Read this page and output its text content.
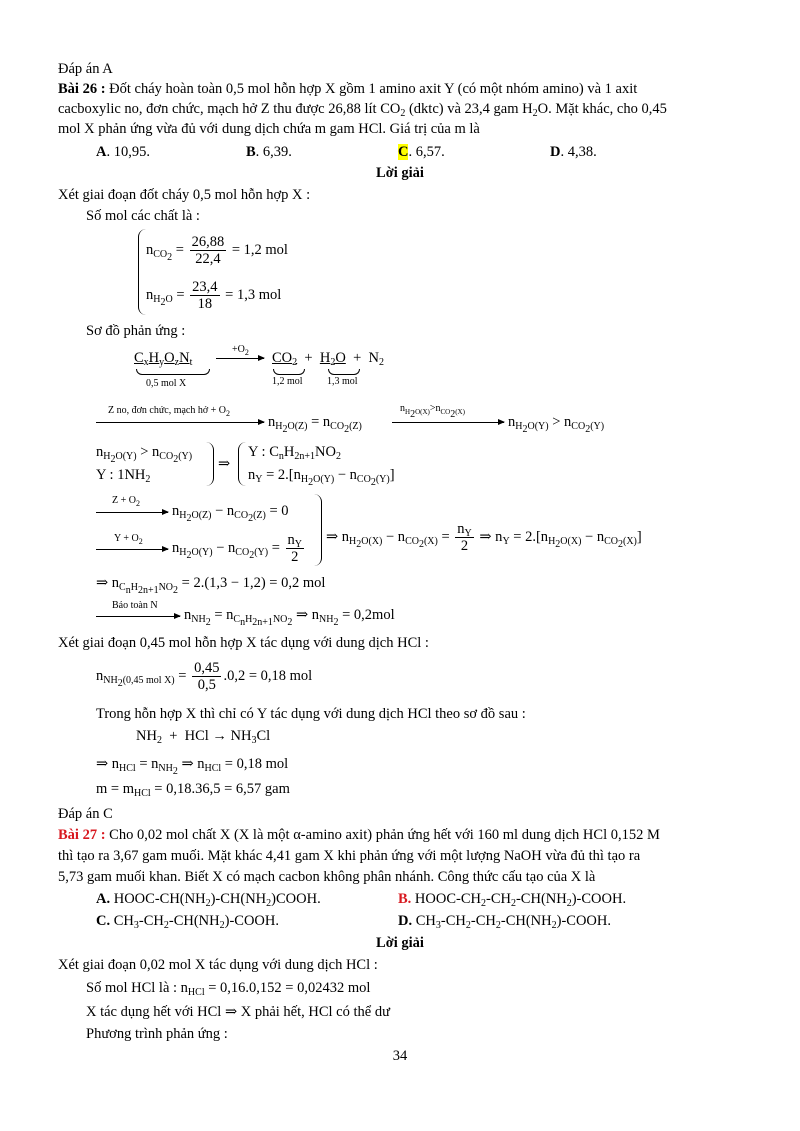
Đáp án A
Bài 26 : Đốt cháy hoàn toàn 0,5 mol hỗn hợp X gồm 1 amino axit Y (có một nhóm amino) và 1 axit
cacboxylic no, đơn chức, mạch hở Z thu được 26,88 lít $CO_2$ (dktc) và 23,4 gam $H_2O$. Mặt khác, cho 0,45
mol X phản ứng vừa đủ với dung dịch chứa m gam HCl. Giá trị của m là
A. 10,95.	B. 6,39.	C. 6,57.	D. 4,38.
Lời giải
Xét giai đoạn đốt cháy 0,5 mol hỗn hợp X :
Số mol các chất là :
$n_{CO_2} = \frac{26,88}{22,4} = 1,2$ mol
$n_{H_2O} = \frac{23,4}{18} = 1,3$ mol
Sơ đồ phản ứng :
$C_xH_yO_zN_t$
0,5 mol X
$+O_2 \to CO_2 + H_2O + N_2$
1,2 mol 1,3 mol
Z no, đơn chức, mạch hở + $O_2$
$n_{H_2O(Z)} = n_{CO_2(Z)}$
$n_{H_2O(X)}>n_{CO_2(X)}$
$n_{H_2O(Y)} > n_{CO_2(Y)}$
$n_{H_2O(Y)} > n_{CO_2(Y)}$
Y : $1NH_2$
⇒
Y : $C_nH_{2n+1}NO_2$
$n_Y = 2.[n_{H_2O(Y)} - n_{CO_2(Y)}]$
$Z + O_2$ $n_{H_2O(Z)} - n_{CO_2(Z)} = 0$
$Y + O_2$ $n_{H_2O(Y)} - n_{CO_2(Y)} = \frac{n_Y}{2}$ ⇒ $n_{H_2O(X)} - n_{CO_2(X)} = \frac{n_Y}{2}$ ⇒ $n_Y = 2.[n_{H_2O(X)} - n_{CO_2(X)}]$
⇒ $n_{C_nH_{2n+1}NO_2} = 2.(1,3 - 1,2) = 0,2$ mol
Bảo toàn N
$n_{NH_2} = n_{C_nH_{2n+1}NO_2}$ ⇒ $n_{NH_2} = 0,2mol$
Xét giai đoạn 0,45 mol hỗn hợp X tác dụng với dung dịch HCl :
$n_{NH_2(0,45 mol X)} = \frac{0,45}{0,5} .0,2 = 0,18$ mol
Trong hỗn hợp X thì chỉ có Y tác dụng với dung dịch HCl theo sơ đồ sau :
$NH_2$  +  HCl → $NH_3Cl$
⇒ $n_{HCl} = n_{NH_2}$ ⇒ $n_{HCl} = 0,18$ mol
$m = m_{HCl} = 0,18.36,5 = 6,57$ gam
Đáp án C
Bài 27 : Cho 0,02 mol chất X (X là một α-amino axit) phản ứng hết với 160 ml dung dịch HCl 0,152 M
thì tạo ra 3,67 gam muối. Mặt khác 4,41 gam X khi phản ứng với một lượng NaOH vừa đủ thì tạo ra
5,73 gam muối khan. Biết X có mạch cacbon không phân nhánh. Công thức cấu tạo của X là
A. HOOC-$CH(NH_2)-CH(NH_2)COOH$.	B. HOOC-$CH_2-CH_2-CH(NH_2)$-COOH.
C. $CH_3-CH_2-CH(NH_2)$-COOH.	D. $CH_3-CH_2-CH_2-CH(NH_2)$-COOH.
Lời giải
Xét giai đoạn 0,02 mol X tác dụng với dung dịch HCl :
Số mol HCl là : $n_{HCl} = 0,16.0,152 = 0,02432$ mol
X tác dụng hết với HCl ⇒ X phải hết, HCl có thể dư
Phương trình phản ứng :
34
